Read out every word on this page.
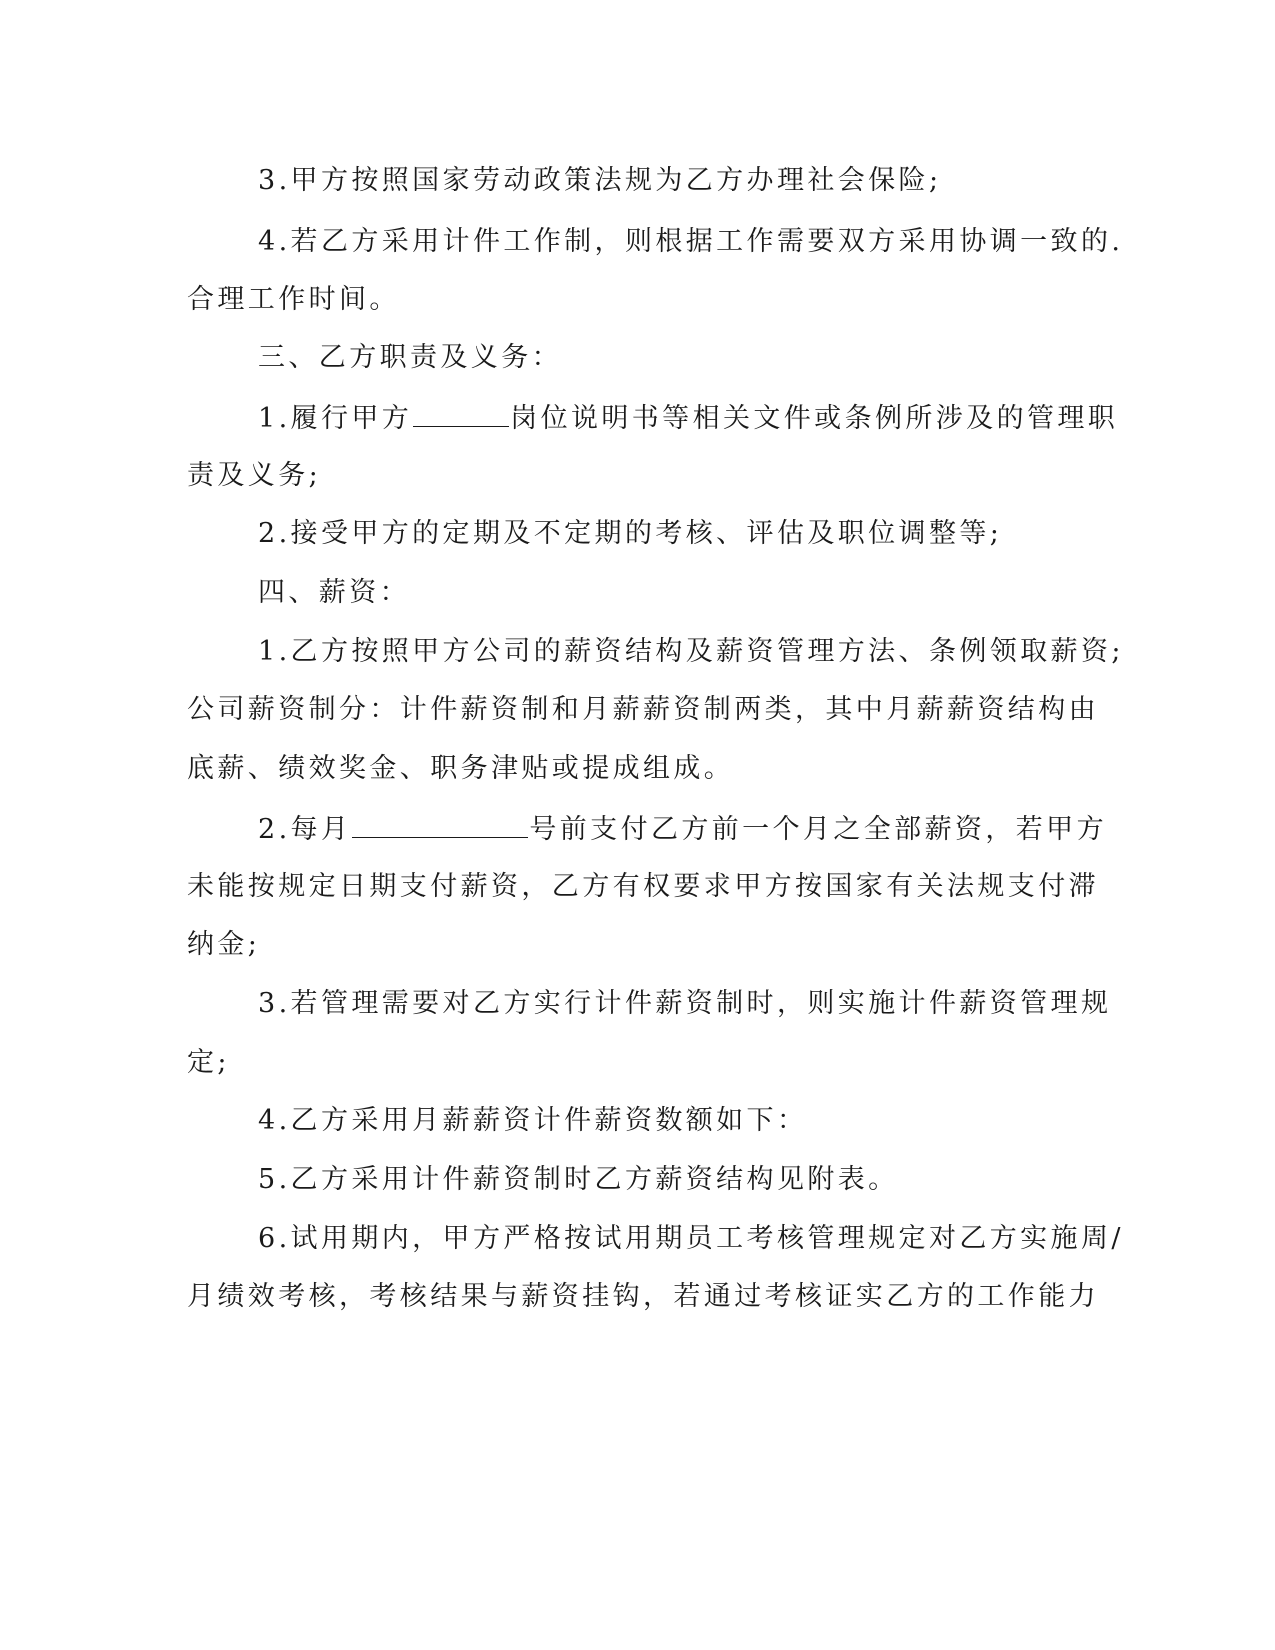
3.甲方按照国家劳动政策法规为乙方办理社会保险;
4.若乙方采用计件工作制，则根据工作需要双方采用协调一致的.
合理工作时间。
三、乙方职责及义务：
1.履行甲方	岗位说明书等相关文件或条例所涉及的管理职
责及义务;
2.接受甲方的定期及不定期的考核、评估及职位调整等;
四、薪资：
1.乙方按照甲方公司的薪资结构及薪资管理方法、条例领取薪资;
公司薪资制分：计件薪资制和月薪薪资制两类，其中月薪薪资结构由
底薪、绩效奖金、职务津贴或提成组成。
2.每月	号前支付乙方前一个月之全部薪资，若甲方
未能按规定日期支付薪资，乙方有权要求甲方按国家有关法规支付滞
纳金;
3.若管理需要对乙方实行计件薪资制时，则实施计件薪资管理规
定;
4.乙方采用月薪薪资计件薪资数额如下：
5.乙方采用计件薪资制时乙方薪资结构见附表。
6.试用期内，甲方严格按试用期员工考核管理规定对乙方实施周/
月绩效考核，考核结果与薪资挂钩，若通过考核证实乙方的工作能力
